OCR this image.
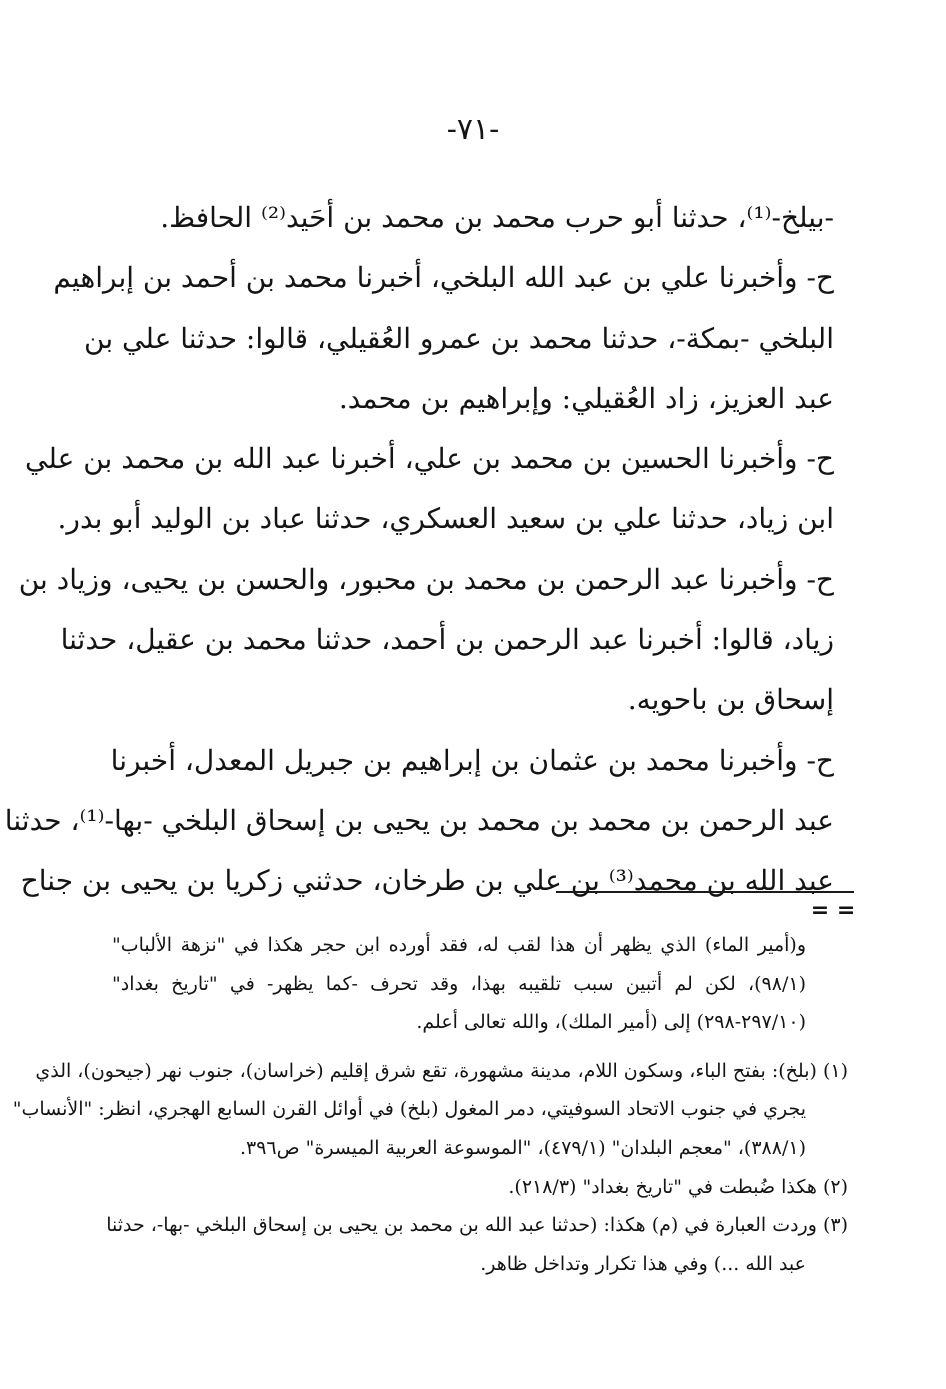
-٧١-
-بيلخ-⁽¹⁾، حدثنا أبو حرب محمد بن محمد بن أحَيد⁽²⁾ الحافظ.
ح- وأخبرنا علي بن عبد الله البلخي، أخبرنا محمد بن أحمد بن إبراهيم
البلخي -بمكة-، حدثنا محمد بن عمرو العُقيلي، قالوا: حدثنا علي بن
عبد العزيز، زاد العُقيلي: وإبراهيم بن محمد.
ح- وأخبرنا الحسين بن محمد بن علي، أخبرنا عبد الله بن محمد بن علي
ابن زياد، حدثنا علي بن سعيد العسكري، حدثنا عباد بن الوليد أبو بدر.
ح- وأخبرنا عبد الرحمن بن محمد بن محبور، والحسن بن يحيى، وزياد بن
زياد، قالوا: أخبرنا عبد الرحمن بن أحمد، حدثنا محمد بن عقيل، حدثنا
إسحاق بن باحويه.
ح- وأخبرنا محمد بن عثمان بن إبراهيم بن جبريل المعدل، أخبرنا
عبد الرحمن بن محمد بن محمد بن يحيى بن إسحاق البلخي -بها-⁽¹⁾، حدثنا
عبد الله بن محمد⁽³⁾ بن علي بن طرخان، حدثني زكريا بن يحيى بن جناح
= =
و(أمير الماء) الذي يظهر أن هذا لقب له، فقد أورده ابن حجر هكذا في "نزهة الألباب"
(٩٨/١)، لكن لم أتبين سبب تلقيبه بهذا، وقد تحرف -كما يظهر- في "تاريخ بغداد"
(٢٩٧/١٠-٢٩٨) إلى (أمير الملك)، والله تعالى أعلم.
(١) (بلخ): بفتح الباء، وسكون اللام، مدينة مشهورة، تقع شرق إقليم (خراسان)، جنوب نهر (جيحون)، الذي
يجري في جنوب الاتحاد السوفيتي، دمر المغول (بلخ) في أوائل القرن السابع الهجري، انظر: "الأنساب"
(٣٨٨/١)، "معجم البلدان" (٤٧٩/١)، "الموسوعة العربية الميسرة" ص٣٩٦.
(٢) هكذا ضُبطت في "تاريخ بغداد" (٢١٨/٣).
(٣) وردت العبارة في (م) هكذا: (حدثنا عبد الله بن محمد بن يحيى بن إسحاق البلخي -بها-، حدثنا
عبد الله ...) وفي هذا تكرار وتداخل ظاهر.
